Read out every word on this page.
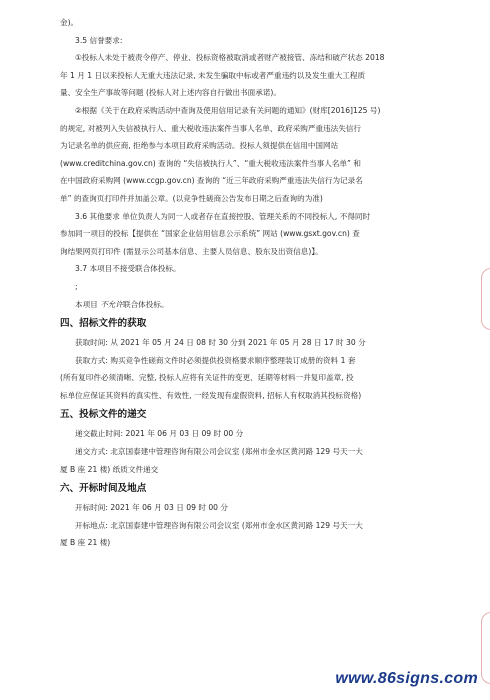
金)。
3.5 信誉要求:
①投标人未处于被责令停产、停业、投标资格被取消或者财产被接管、冻结和破产状态 2018
年 1 月 1 日以来投标人无重大违法记录, 未发生骗取中标或者严重违约以及发生重大工程质
量、安全生产事故等问题 (投标人对上述内容自行做出书面承诺)。
②根据《关于在政府采购活动中查询及使用信用记录有关问题的通知》(财库[2016]125 号)
的规定, 对被列入失信被执行人、重大税收违法案件当事人名单、政府采购严重违法失信行
为记录名单的供应商, 拒绝参与本项目政府采购活动。投标人须提供在信用中国网站
(www.creditchina.gov.cn) 查询的 “失信被执行人”、“重大税收违法案件当事人名单” 和
在中国政府采购网 (www.ccgp.gov.cn) 查询的 “近三年政府采购严重违法失信行为记录名
单” 的查询页打印件并加盖公章。(以竞争性磋商公告发布日期之后查询的为准)
3.6 其他要求 单位负责人为同一人或者存在直接控股、管理关系的不同投标人, 不得同时
参加同一项目的投标【提供在 “国家企业信用信息公示系统” 网站 (www.gsxt.gov.cn) 查
询结果网页打印件 (需显示公司基本信息、主要人员信息、股东及出资信息)】。
3.7 本项目不接受联合体投标。
;
本项目 不允许联合体投标。
四、招标文件的获取
获取时间: 从 2021 年 05 月 24 日 08 时 30 分到 2021 年 05 月 28 日 17 时 30 分
获取方式: 购买竞争性磋商文件时必须提供投资格要求顺序整理装订成册的资料 1 套
(所有复印件必须清晰、完整, 投标人应将有关证件的变更、延期等材料一并复印盖章, 投
标单位应保证其资料的真实性、有效性, 一经发现有虚假资料, 招标人有权取消其投标资格)
五、投标文件的递交
递交截止时间: 2021 年 06 月 03 日 09 时 00 分
递交方式: 北京国泰建中管理咨询有限公司会议室 (郑州市金水区黄河路 129 号天一大
厦 B 座 21 楼) 纸质文件递交
六、开标时间及地点
开标时间: 2021 年 06 月 03 日 09 时 00 分
开标地点: 北京国泰建中管理咨询有限公司会议室 (郑州市金水区黄河路 129 号天一大
厦 B 座 21 楼)
www.86signs.com
